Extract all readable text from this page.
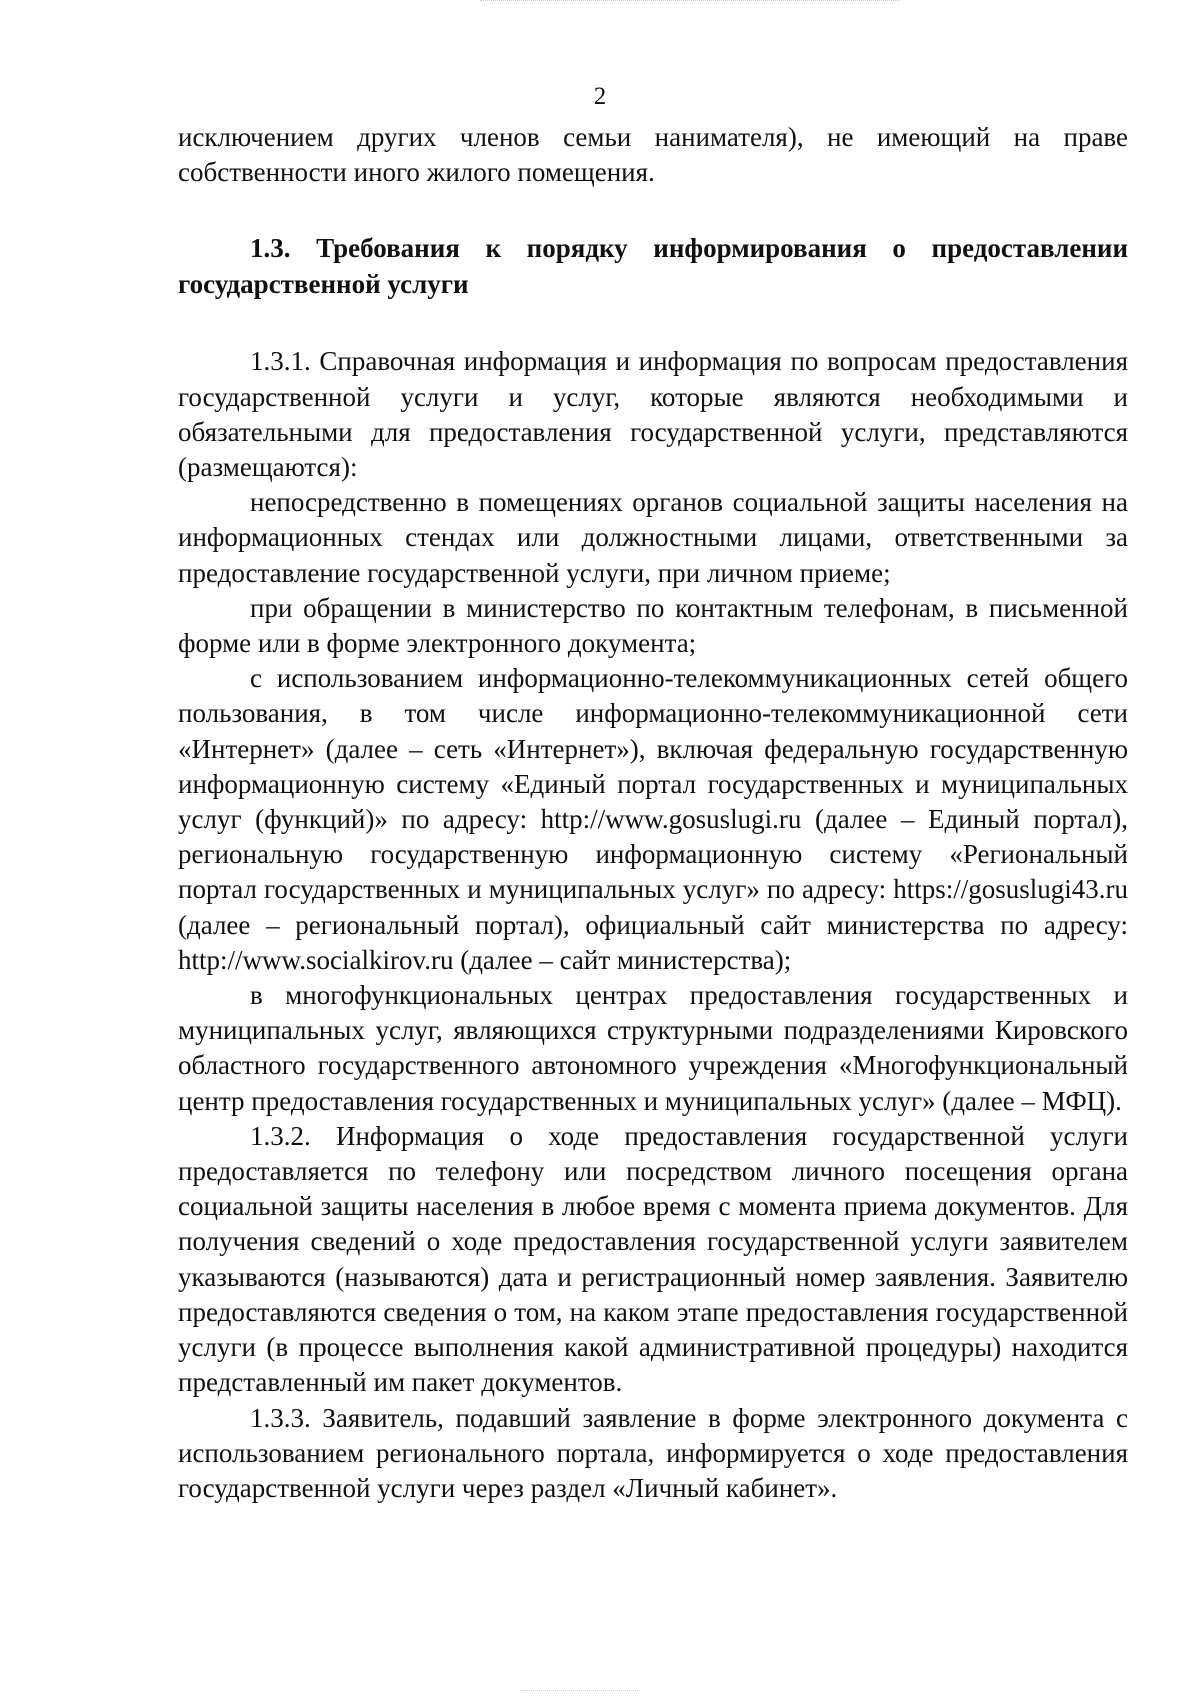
2

исключением других членов семьи нанимателя), не имеющий на праве собственности иного жилого помещения.

1.3. Требования к порядку информирования о предоставлении государственной услуги

1.3.1. Справочная информация и информация по вопросам предоставления государственной услуги и услуг, которые являются необходимыми и обязательными для предоставления государственной услуги, представляются (размещаются):

непосредственно в помещениях органов социальной защиты населения на информационных стендах или должностными лицами, ответственными за предоставление государственной услуги, при личном приеме;

при обращении в министерство по контактным телефонам, в письменной форме или в форме электронного документа;

с использованием информационно-телекоммуникационных сетей общего пользования, в том числе информационно-телекоммуникационной сети «Интернет» (далее – сеть «Интернет»), включая федеральную государственную информационную систему «Единый портал государственных и муниципальных услуг (функций)» по адресу: http://www.gosuslugi.ru (далее – Единый портал), региональную государственную информационную систему «Региональный портал государственных и муниципальных услуг» по адресу: https://gosuslugi43.ru (далее – региональный портал), официальный сайт министерства по адресу: http://www.socialkirov.ru (далее – сайт министерства);

в многофункциональных центрах предоставления государственных и муниципальных услуг, являющихся структурными подразделениями Кировского областного государственного автономного учреждения «Многофункциональный центр предоставления государственных и муниципальных услуг» (далее – МФЦ).

1.3.2. Информация о ходе предоставления государственной услуги предоставляется по телефону или посредством личного посещения органа социальной защиты населения в любое время с момента приема документов. Для получения сведений о ходе предоставления государственной услуги заявителем указываются (называются) дата и регистрационный номер заявления. Заявителю предоставляются сведения о том, на каком этапе предоставления государственной услуги (в процессе выполнения какой административной процедуры) находится представленный им пакет документов.

1.3.3. Заявитель, подавший заявление в форме электронного документа с использованием регионального портала, информируется о ходе предоставления государственной услуги через раздел «Личный кабинет».
